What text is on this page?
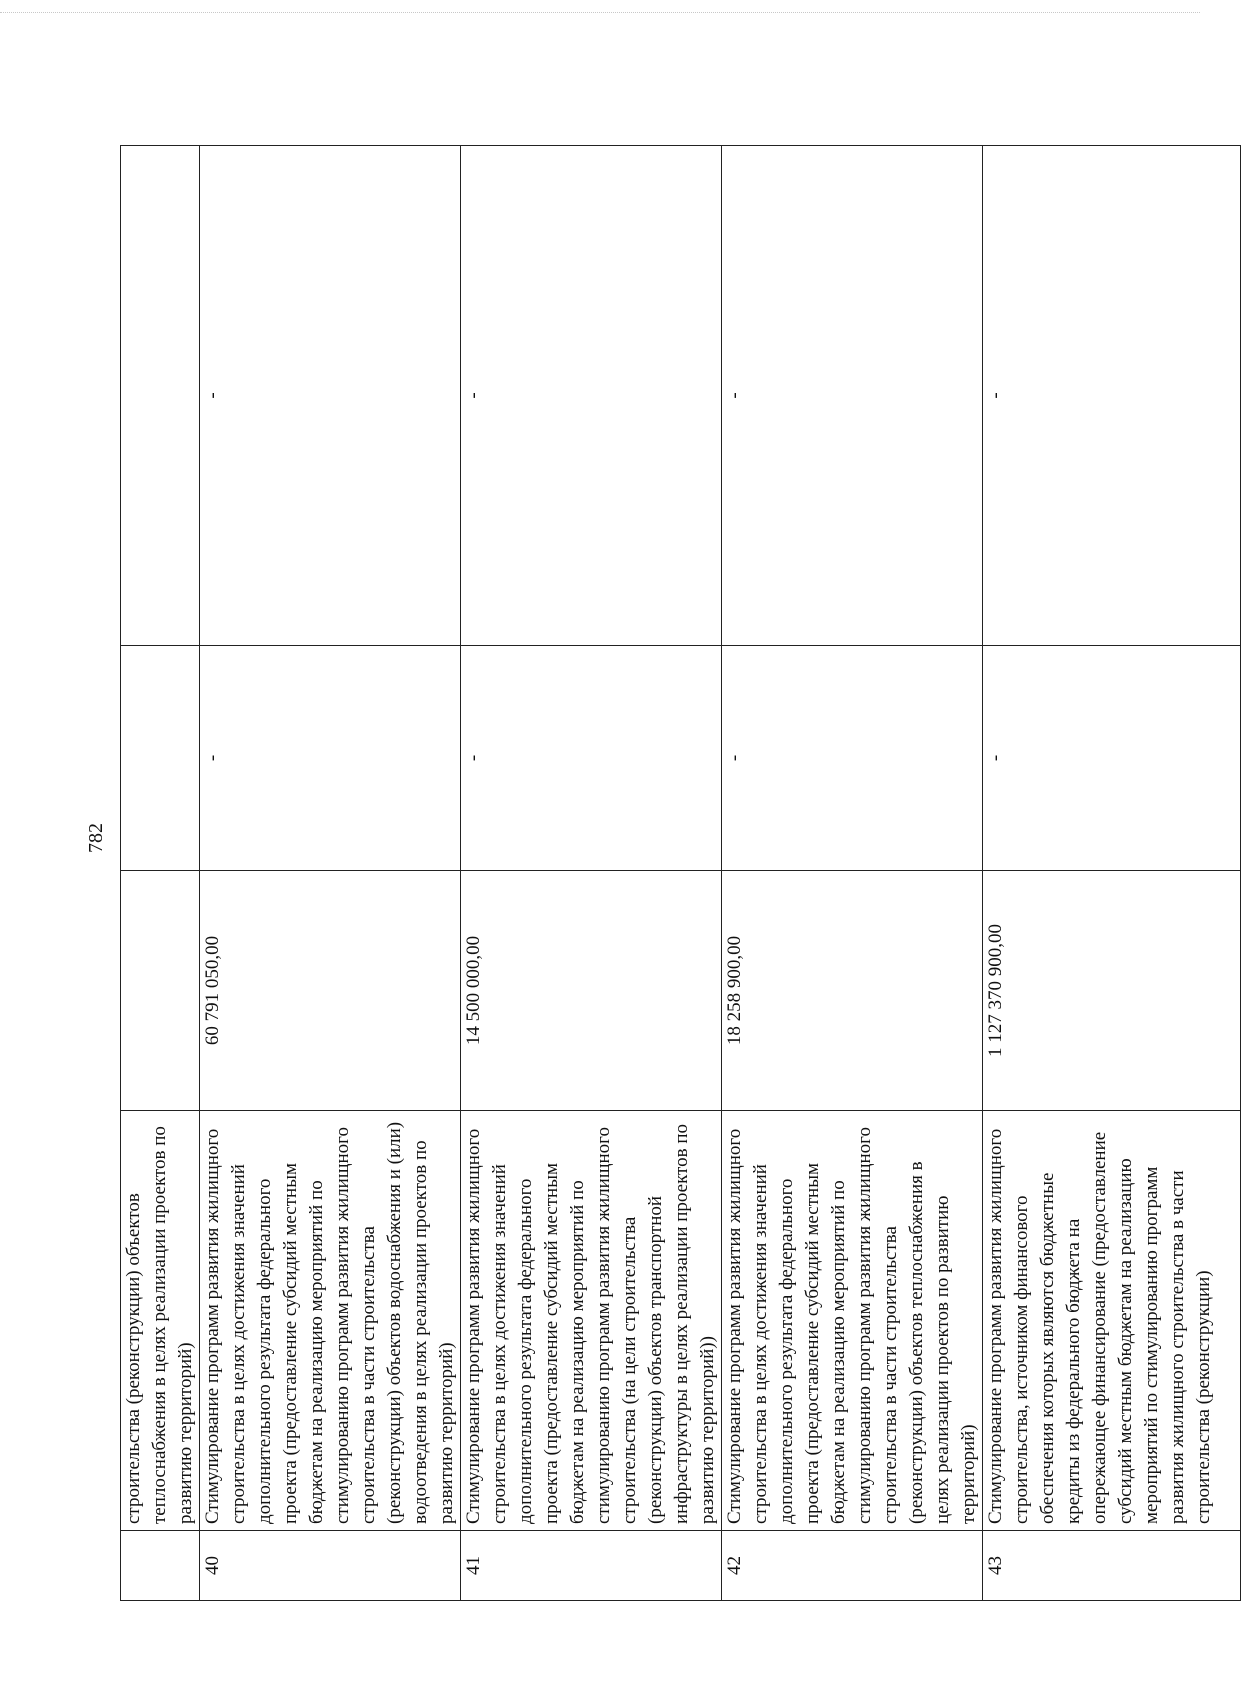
782
	строительства (реконструкции) объектов теплоснабжения в целях реализации проектов по развитию территорий)			
40	Стимулирование программ развития жилищного строительства в целях достижения значений дополнительного результата федерального проекта (предоставление субсидий местным бюджетам на реализацию мероприятий по стимулированию программ развития жилищного строительства в части строительства (реконструкции) объектов водоснабжения и (или) водоотведения в целях реализации проектов по развитию территорий)	60 791 050,00	-	-
41	Стимулирование программ развития жилищного строительства в целях достижения значений дополнительного результата федерального проекта (предоставление субсидий местным бюджетам на реализацию мероприятий по стимулированию программ развития жилищного строительства (на цели строительства (реконструкции) объектов транспортной инфраструктуры в целях реализации проектов по развитию территорий))	14 500 000,00	-	-
42	Стимулирование программ развития жилищного строительства в целях достижения значений дополнительного результата федерального проекта (предоставление субсидий местным бюджетам на реализацию мероприятий по стимулированию программ развития жилищного строительства в части строительства (реконструкции) объектов теплоснабжения в целях реализации проектов по развитию территорий)	18 258 900,00	-	-
43	Стимулирование программ развития жилищного строительства, источником финансового обеспечения которых являются бюджетные кредиты из федерального бюджета на опережающее финансирование (предоставление субсидий местным бюджетам на реализацию мероприятий по стимулированию программ развития жилищного строительства в части строительства (реконструкции)	1 127 370 900,00	-	-
